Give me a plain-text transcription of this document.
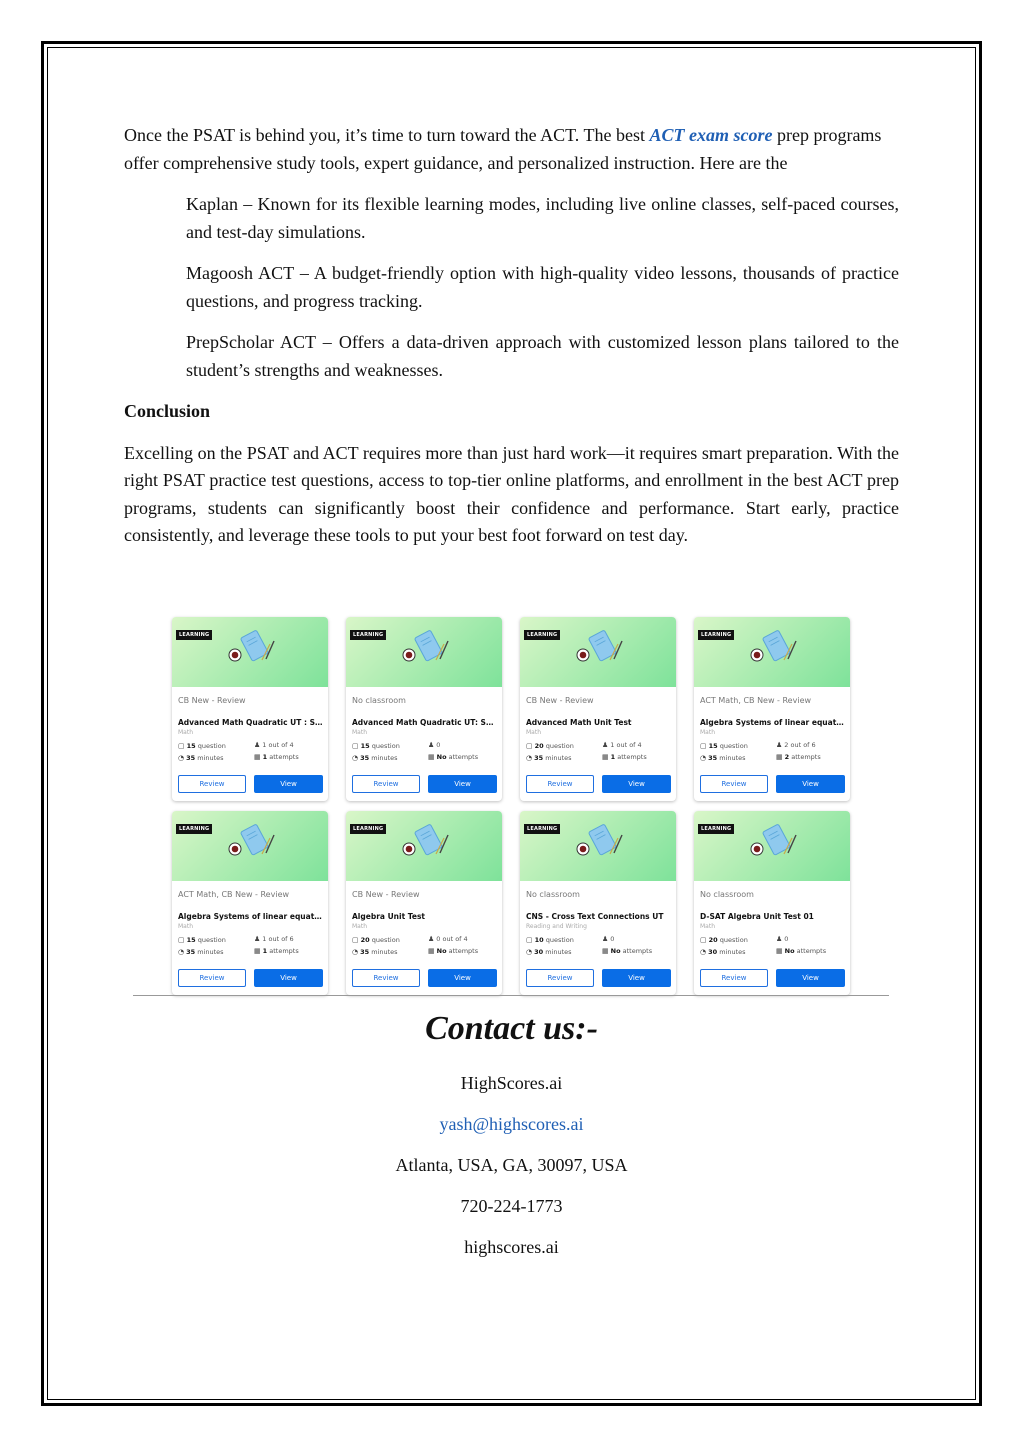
Once the PSAT is behind you, it’s time to turn toward the ACT. The best ACT exam score prep programs offer comprehensive study tools, expert guidance, and personalized instruction. Here are the

Kaplan – Known for its flexible learning modes, including live online classes, self-paced courses, and test-day simulations.

Magoosh ACT – A budget-friendly option with high-quality video lessons, thousands of practice questions, and progress tracking.

PrepScholar ACT – Offers a data-driven approach with customized lesson plans tailored to the student’s strengths and weaknesses.

Conclusion

Excelling on the PSAT and ACT requires more than just hard work—it requires smart preparation. With the right PSAT practice test questions, access to top-tier online platforms, and enrollment in the best ACT prep programs, students can significantly boost their confidence and performance. Start early, practice consistently, and leverage these tools to put your best foot forward on test day.

LEARNING
CB New - Review
Advanced Math Quadratic UT : S…
Math
▢ 15 question	♟ 1 out of 4
◔ 35 minutes	▦ 1 attempts
Review	View
LEARNING
No classroom
Advanced Math Quadratic UT: S…
Math
▢ 15 question	♟ 0
◔ 35 minutes	▦ No attempts
Review	View
LEARNING
CB New - Review
Advanced Math Unit Test
Math
▢ 20 question	♟ 1 out of 4
◔ 35 minutes	▦ 1 attempts
Review	View
LEARNING
ACT Math, CB New - Review
Algebra Systems of linear equat…
Math
▢ 15 question	♟ 2 out of 6
◔ 35 minutes	▦ 2 attempts
Review	View
LEARNING
ACT Math, CB New - Review
Algebra Systems of linear equat…
Math
▢ 15 question	♟ 1 out of 6
◔ 35 minutes	▦ 1 attempts
Review	View
LEARNING
CB New - Review
Algebra Unit Test
Math
▢ 20 question	♟ 0 out of 4
◔ 35 minutes	▦ No attempts
Review	View
LEARNING
No classroom
CNS - Cross Text Connections UT
Reading and Writing
▢ 10 question	♟ 0
◔ 30 minutes	▦ No attempts
Review	View
LEARNING
No classroom
D-SAT Algebra Unit Test 01
Math
▢ 20 question	♟ 0
◔ 30 minutes	▦ No attempts
Review	View
Contact us:-
HighScores.ai
yash@highscores.ai
Atlanta, USA, GA, 30097, USA
720-224-1773
highscores.ai
